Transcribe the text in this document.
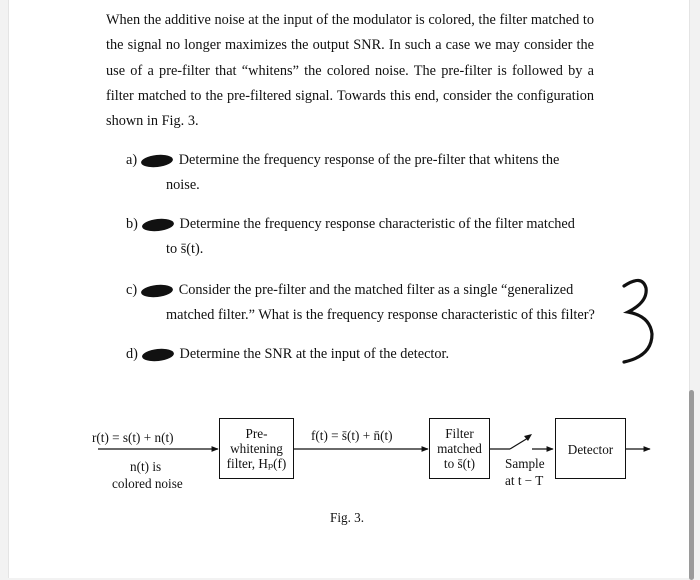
When the additive noise at the input of the modulator is colored, the filter matched to the signal no longer maximizes the output SNR. In such a case we may consider the use of a pre-filter that “whitens” the colored noise. The pre-filter is followed by a filter matched to the pre-filtered signal. Towards this end, consider the configuration shown in Fig. 3.
a)	Determine the frequency response of the pre-filter that whitens the
noise.
b)	Determine the frequency response characteristic of the filter matched
to s̄(t).
c)	Consider the pre-filter and the matched filter as a single “generalized
matched filter.” What is the frequency response characteristic of this filter?
d)	Determine the SNR at the input of the detector.
r(t) = s(t) + n(t)
n(t) is
colored noise
Pre-
whitening
filter, Hₚ(f)
f(t) = s̄(t) + n̄(t)	Filter
matched
to s̄(t)	Sample
at t − T
Detector
Fig. 3.
